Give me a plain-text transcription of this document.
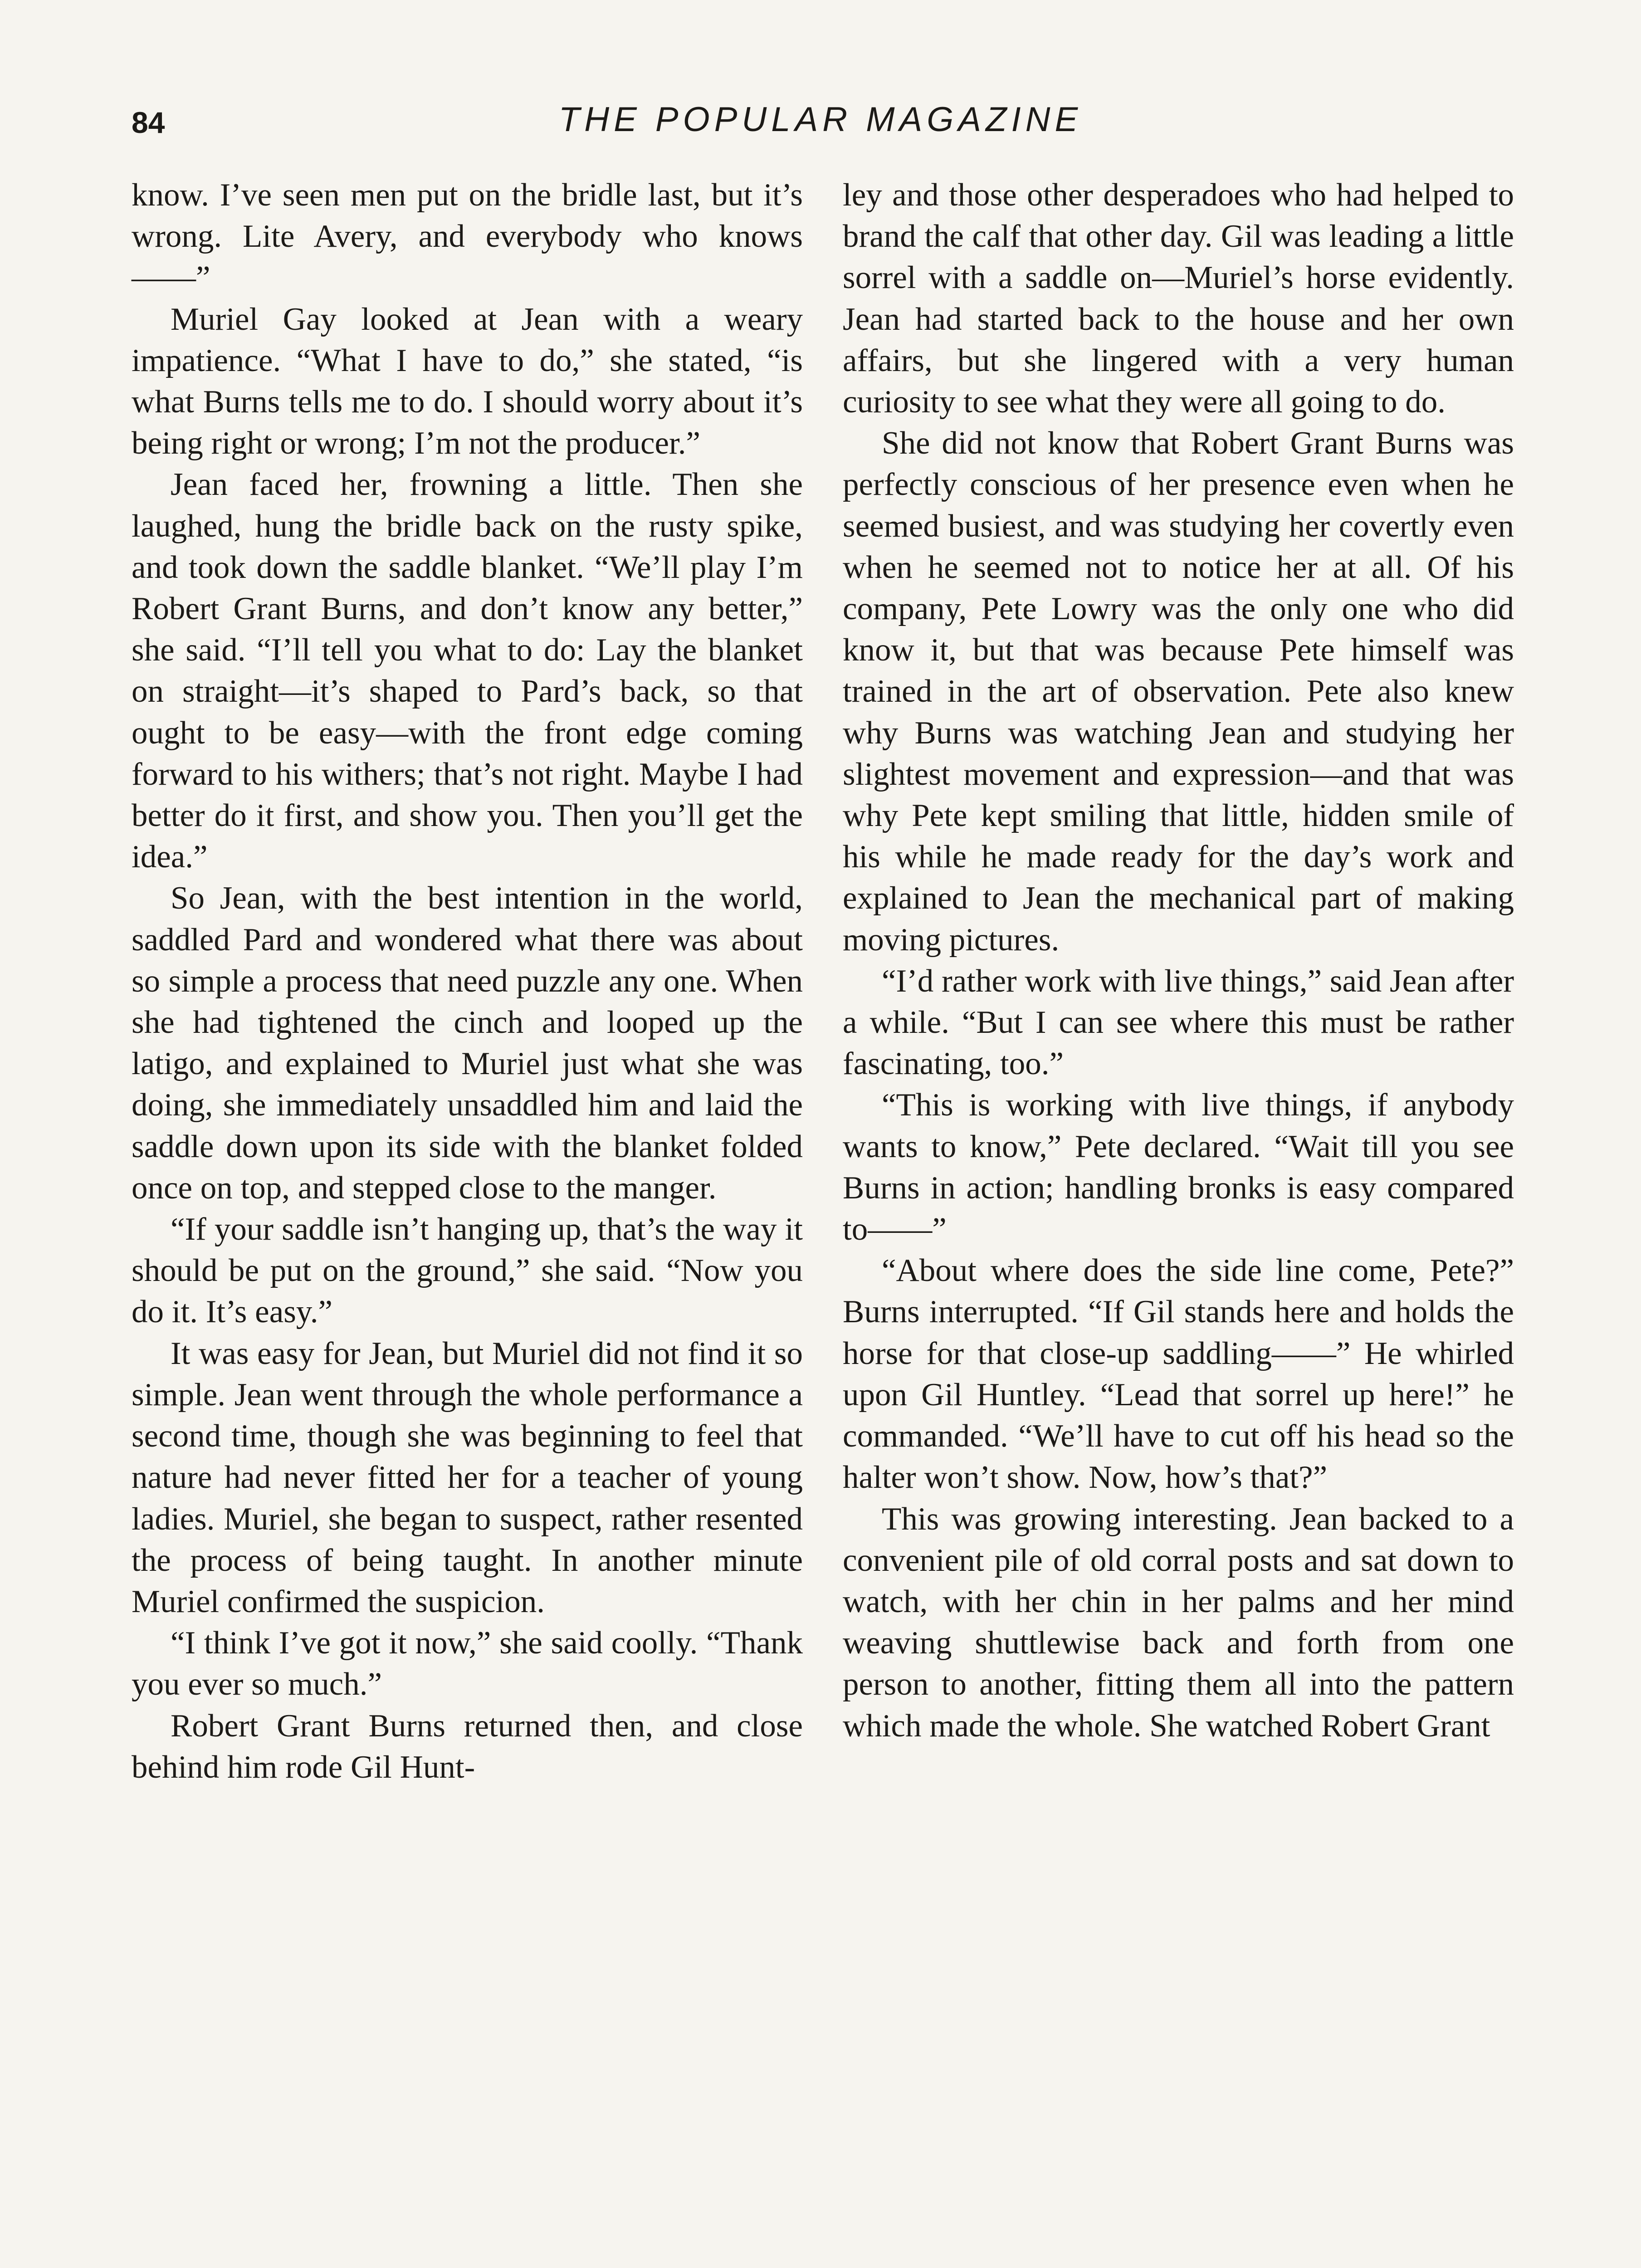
84	THE POPULAR MAGAZINE

know. I’ve seen men put on the bridle last, but it’s wrong. Lite Avery, and everybody who knows——”

Muriel Gay looked at Jean with a weary impatience. “What I have to do,” she stated, “is what Burns tells me to do. I should worry about it’s being right or wrong; I’m not the producer.”

Jean faced her, frowning a little. Then she laughed, hung the bridle back on the rusty spike, and took down the saddle blanket. “We’ll play I’m Robert Grant Burns, and don’t know any better,” she said. “I’ll tell you what to do: Lay the blanket on straight—it’s shaped to Pard’s back, so that ought to be easy—with the front edge coming forward to his withers; that’s not right. Maybe I had better do it first, and show you. Then you’ll get the idea.”

So Jean, with the best intention in the world, saddled Pard and wondered what there was about so simple a process that need puzzle any one. When she had tightened the cinch and looped up the latigo, and explained to Muriel just what she was doing, she immediately unsaddled him and laid the saddle down upon its side with the blanket folded once on top, and stepped close to the manger.

“If your saddle isn’t hanging up, that’s the way it should be put on the ground,” she said. “Now you do it. It’s easy.”

It was easy for Jean, but Muriel did not find it so simple. Jean went through the whole performance a second time, though she was beginning to feel that nature had never fitted her for a teacher of young ladies. Muriel, she began to suspect, rather resented the process of being taught. In another minute Muriel confirmed the suspicion.

“I think I’ve got it now,” she said coolly. “Thank you ever so much.”

Robert Grant Burns returned then, and close behind him rode Gil Hunt-

ley and those other desperadoes who had helped to brand the calf that other day. Gil was leading a little sorrel with a saddle on—Muriel’s horse evidently. Jean had started back to the house and her own affairs, but she lingered with a very human curiosity to see what they were all going to do.

She did not know that Robert Grant Burns was perfectly conscious of her presence even when he seemed busiest, and was studying her covertly even when he seemed not to notice her at all. Of his company, Pete Lowry was the only one who did know it, but that was because Pete himself was trained in the art of observation. Pete also knew why Burns was watching Jean and studying her slightest movement and expression—and that was why Pete kept smiling that little, hidden smile of his while he made ready for the day’s work and explained to Jean the mechanical part of making moving pictures.

“I’d rather work with live things,” said Jean after a while. “But I can see where this must be rather fascinating, too.”

“This is working with live things, if anybody wants to know,” Pete declared. “Wait till you see Burns in action; handling bronks is easy compared to——”

“About where does the side line come, Pete?” Burns interrupted. “If Gil stands here and holds the horse for that close-up saddling——” He whirled upon Gil Huntley. “Lead that sorrel up here!” he commanded. “We’ll have to cut off his head so the halter won’t show. Now, how’s that?”

This was growing interesting. Jean backed to a convenient pile of old corral posts and sat down to watch, with her chin in her palms and her mind weaving shuttlewise back and forth from one person to another, fitting them all into the pattern which made the whole. She watched Robert Grant
